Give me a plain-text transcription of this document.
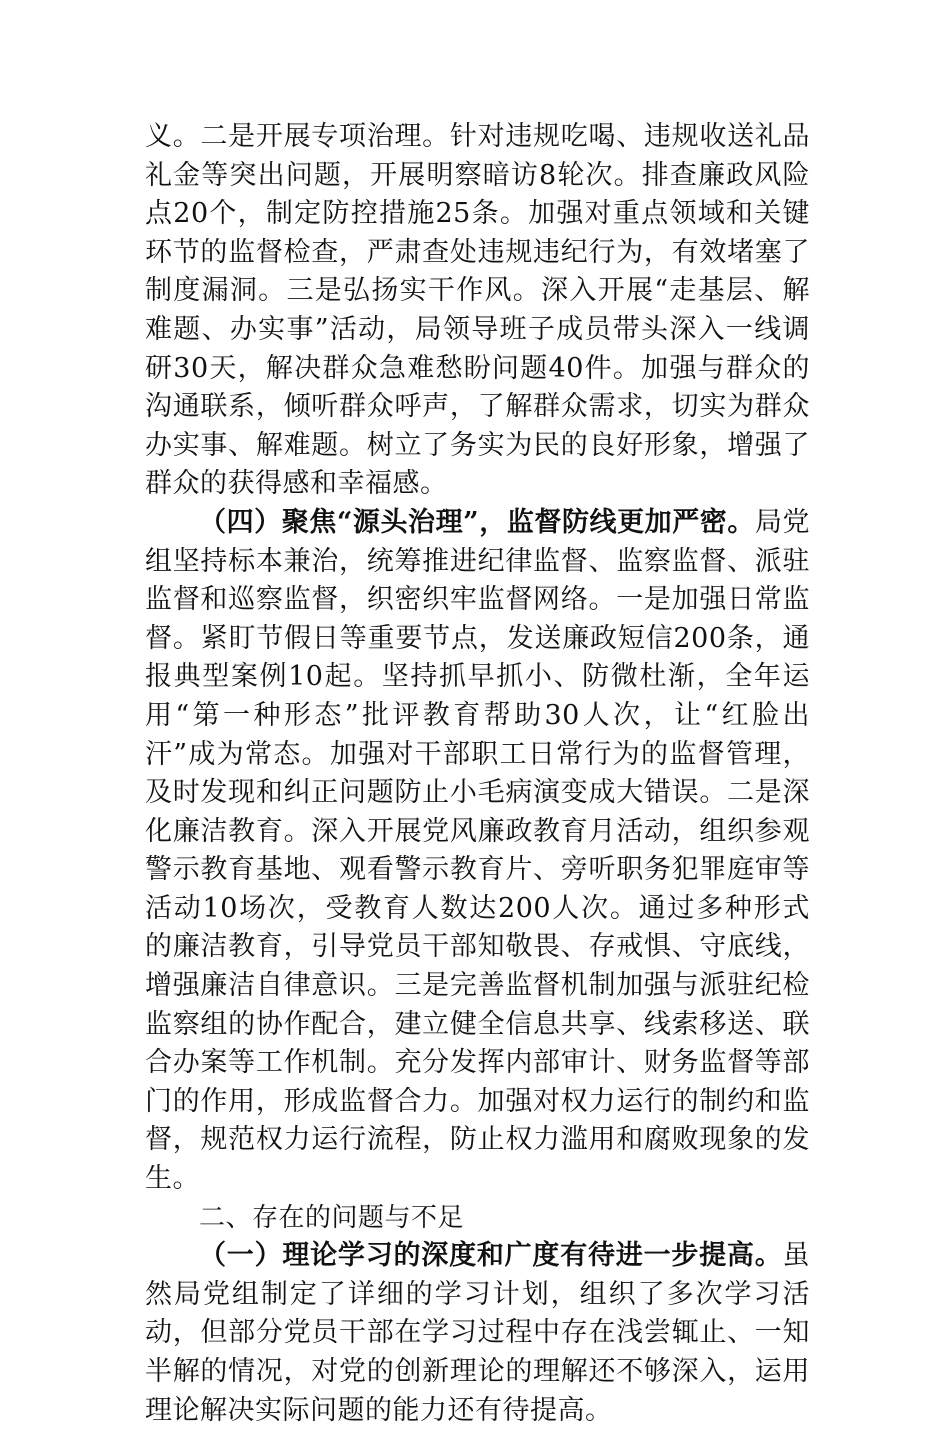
义。二是开展专项治理。针对违规吃喝、违规收送礼品礼金等突出问题，开展明察暗访8轮次。排查廉政风险点20个，制定防控措施25条。加强对重点领域和关键环节的监督检查，严肃查处违规违纪行为，有效堵塞了制度漏洞。三是弘扬实干作风。深入开展“走基层、解难题、办实事”活动，局领导班子成员带头深入一线调研30天，解决群众急难愁盼问题40件。加强与群众的沟通联系，倾听群众呼声，了解群众需求，切实为群众办实事、解难题。树立了务实为民的良好形象，增强了群众的获得感和幸福感。

（四）聚焦“源头治理”，监督防线更加严密。局党组坚持标本兼治，统筹推进纪律监督、监察监督、派驻监督和巡察监督，织密织牢监督网络。一是加强日常监督。紧盯节假日等重要节点，发送廉政短信200条，通报典型案例10起。坚持抓早抓小、防微杜渐，全年运用“第一种形态”批评教育帮助30人次，让“红脸出汗”成为常态。加强对干部职工日常行为的监督管理，及时发现和纠正问题防止小毛病演变成大错误。二是深化廉洁教育。深入开展党风廉政教育月活动，组织参观警示教育基地、观看警示教育片、旁听职务犯罪庭审等活动10场次，受教育人数达200人次。通过多种形式的廉洁教育，引导党员干部知敬畏、存戒惧、守底线，增强廉洁自律意识。三是完善监督机制加强与派驻纪检监察组的协作配合，建立健全信息共享、线索移送、联合办案等工作机制。充分发挥内部审计、财务监督等部门的作用，形成监督合力。加强对权力运行的制约和监督，规范权力运行流程，防止权力滥用和腐败现象的发生。

二、存在的问题与不足

（一）理论学习的深度和广度有待进一步提高。虽然局党组制定了详细的学习计划，组织了多次学习活动，但部分党员干部在学习过程中存在浅尝辄止、一知半解的情况，对党的创新理论的理解还不够深入，运用理论解决实际问题的能力还有待提高。
